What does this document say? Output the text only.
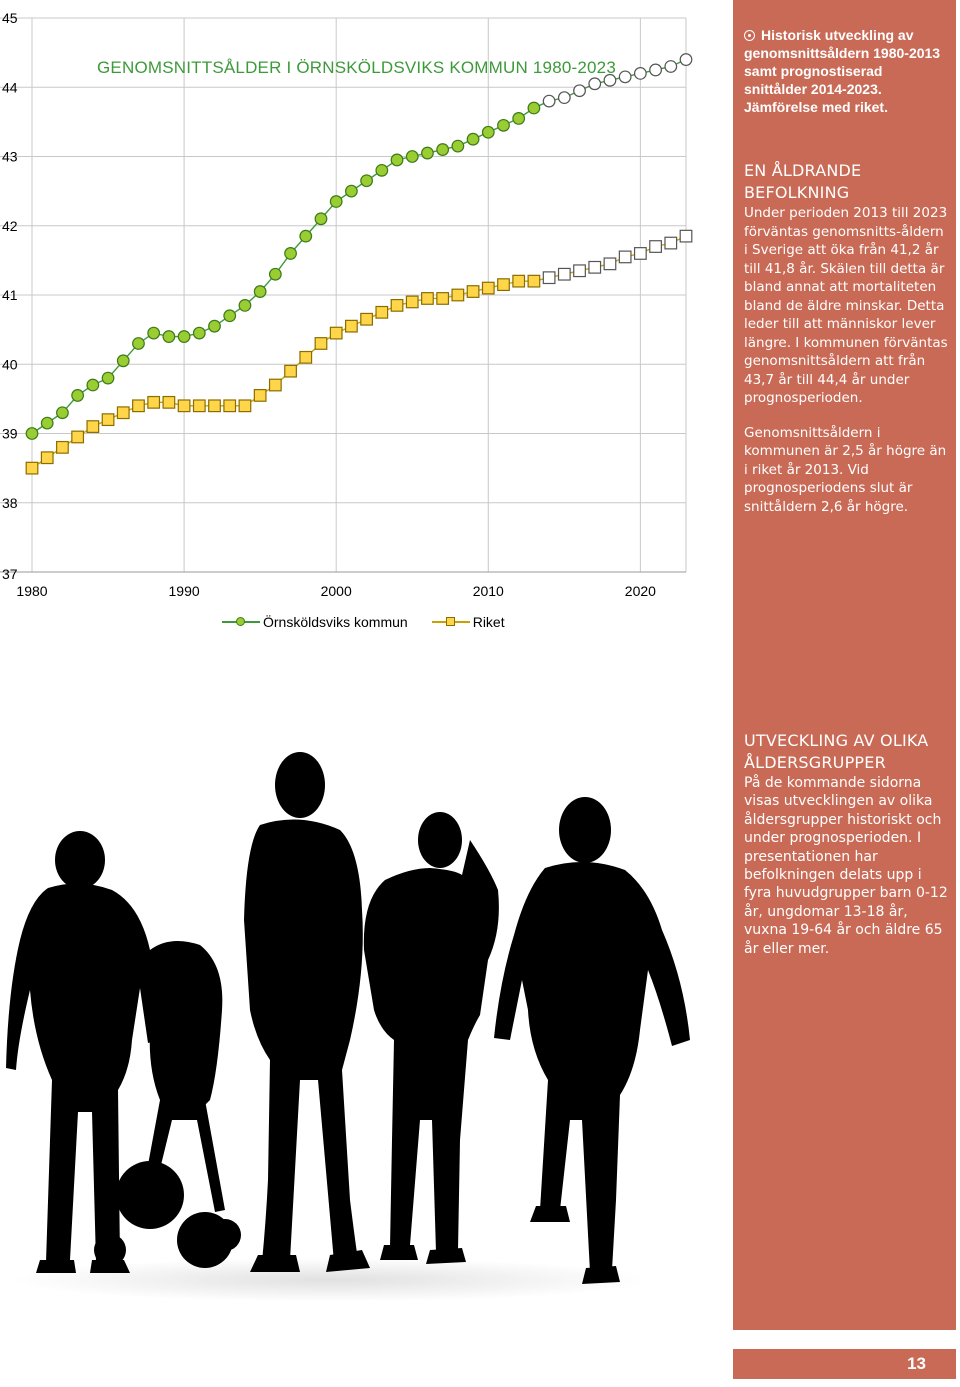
37
38
39
40
41
42
43
44
45
1980	1990	2000	2010	2020
GENOMSNITTSÅLDER I ÖRNSKÖLDSVIKS KOMMUN 1980-2023
Örnsköldsviks kommun	Riket
Historisk utveckling av genomsnittsåldern 1980-2013 samt prognostiserad snittålder 2014-2023. Jämförelse med riket.
EN ÅLDRANDE BEFOLKNING

Under perioden 2013 till 2023 förväntas genomsnitts-åldern i Sverige att öka från 41,2 år till 41,8 år. Skälen till detta är bland annat att mortaliteten bland de äldre minskar. Detta leder till att människor lever längre. I kommunen förväntas genomsnittsåldern att från 43,7 år till 44,4 år under prognosperioden.

Genomsnittsåldern i kommunen är 2,5 år högre än i riket år 2013. Vid prognosperiodens slut är snittåldern 2,6 år högre.

UTVECKLING AV OLIKA ÅLDERSGRUPPER

På de kommande sidorna visas utvecklingen av olika åldersgrupper historiskt och under prognosperioden. I presentationen har befolkningen delats upp i fyra huvudgrupper barn 0-12 år, ungdomar 13-18 år, vuxna 19-64 år och äldre 65 år eller mer.

13
